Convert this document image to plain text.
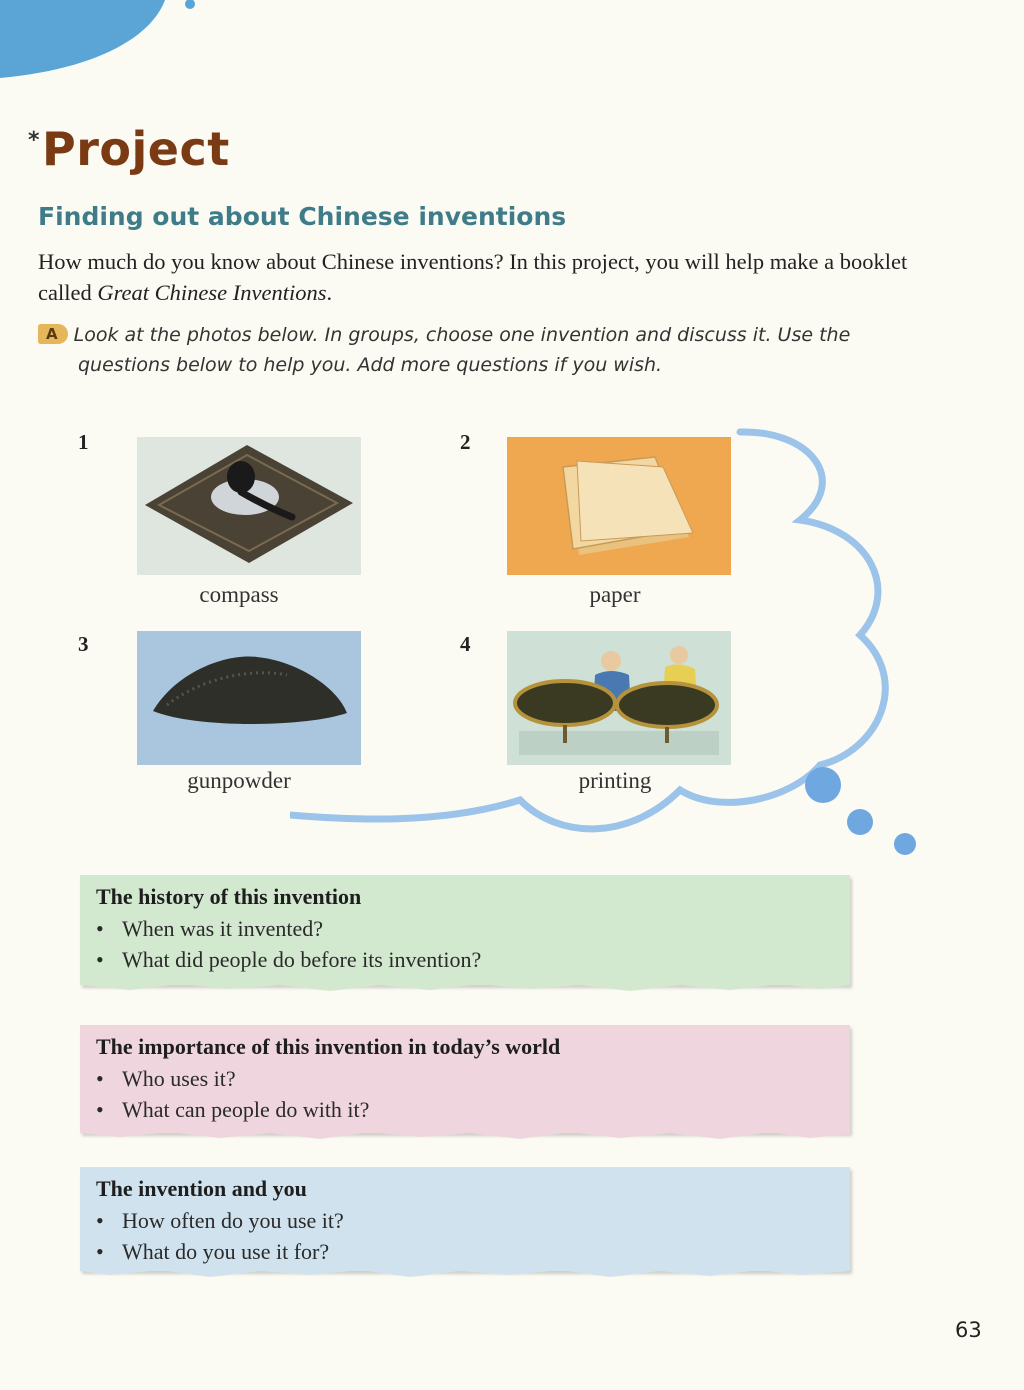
*Project
Finding out about Chinese inventions
How much do you know about Chinese inventions? In this project, you will help make a booklet called Great Chinese Inventions.
A Look at the photos below. In groups, choose one invention and discuss it. Use the
questions below to help you. Add more questions if you wish.
1
compass
2
paper
3
gunpowder
4
printing
The history of this invention
• When was it invented?
• What did people do before its invention?
The importance of this invention in today’s world
• Who uses it?
• What can people do with it?
The invention and you
• How often do you use it?
• What do you use it for?
63
